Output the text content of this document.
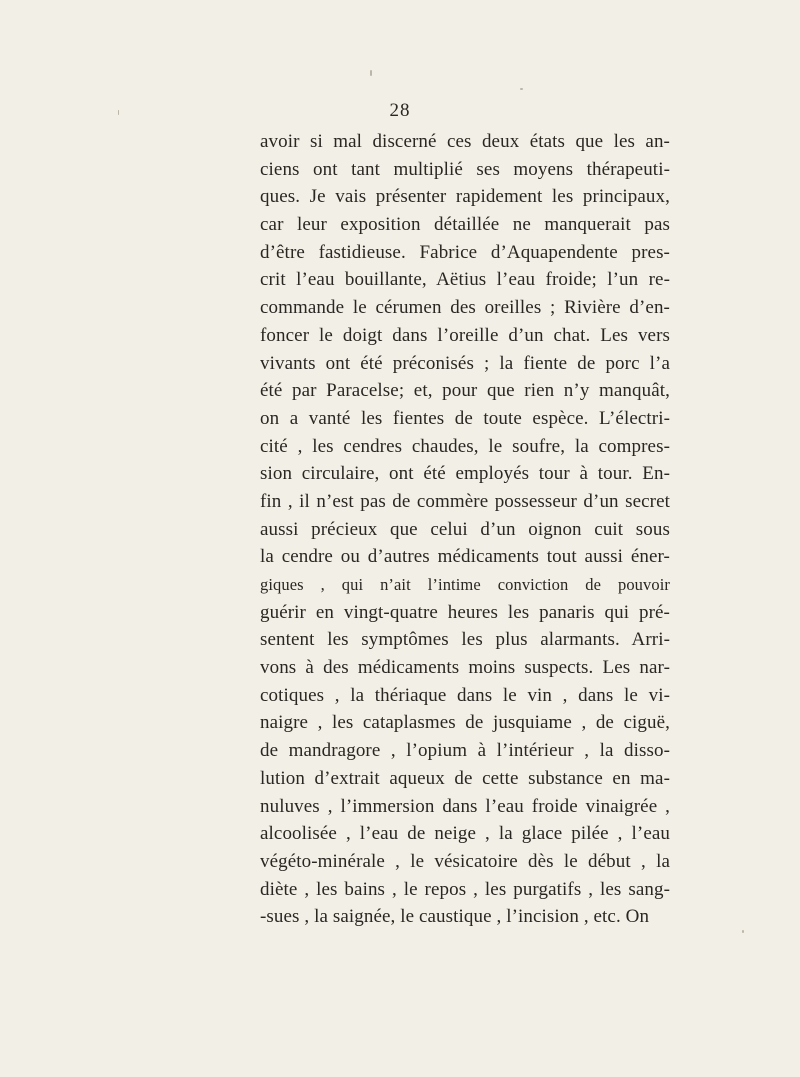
28
avoir si mal discerné ces deux états que les an-
ciens ont tant multiplié ses moyens thérapeuti-
ques. Je vais présenter rapidement les principaux,
car leur exposition détaillée ne manquerait pas
d’être fastidieuse. Fabrice d’Aquapendente pres-
crit l’eau bouillante, Aëtius l’eau froide; l’un re-
commande le cérumen des oreilles ; Rivière d’en-
foncer le doigt dans l’oreille d’un chat. Les vers
vivants ont été préconisés ; la fiente de porc l’a
été par Paracelse; et, pour que rien n’y manquât,
on a vanté les fientes de toute espèce. L’électri-
cité , les cendres chaudes, le soufre, la compres-
sion circulaire, ont été employés tour à tour. En-
fin , il n’est pas de commère possesseur d’un secret
aussi précieux que celui d’un oignon cuit sous
la cendre ou d’autres médicaments tout aussi éner-
giques , qui n’ait l’intime conviction de pouvoir
guérir en vingt-quatre heures les panaris qui pré-
sentent les symptômes les plus alarmants. Arri-
vons à des médicaments moins suspects. Les nar-
cotiques , la thériaque dans le vin , dans le vi-
naigre , les cataplasmes de jusquiame , de ciguë,
de mandragore , l’opium à l’intérieur , la disso-
lution d’extrait aqueux de cette substance en ma-
nuluves , l’immersion dans l’eau froide vinaigrée ,
alcoolisée , l’eau de neige , la glace pilée , l’eau
végéto-minérale , le vésicatoire dès le début , la
diète , les bains , le repos , les purgatifs , les sang-
-sues , la saignée, le caustique , l’incision , etc. On
